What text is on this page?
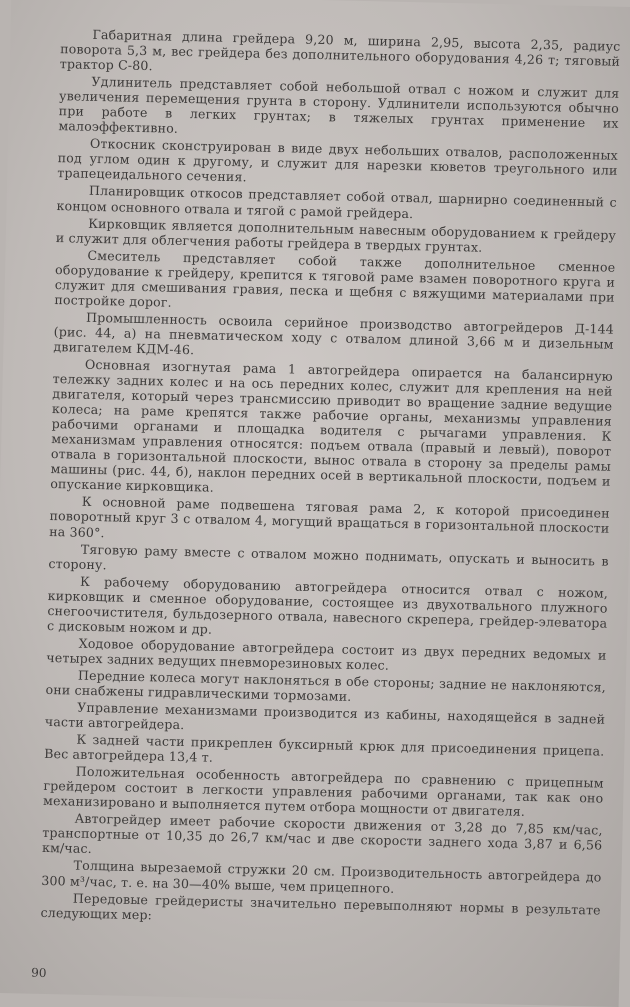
Габаритная длина грейдера 9,20 м, ширина 2,95, высота 2,35, радиус поворота 5,3 м, вес грейдера без дополнительного оборудования 4,26 т; тяговый трактор С-80.

Удлинитель представляет собой небольшой отвал с ножом и служит для увеличения перемещения грунта в сторону. Удлинители используются обычно при работе в легких грунтах; в тяжелых грунтах применение их малоэффективно.

Откосник сконструирован в виде двух небольших отвалов, расположенных под углом один к другому, и служит для нарезки кюветов треугольного или трапецеидального сечения.

Планировщик откосов представляет собой отвал, шарнирно соединенный с концом основного отвала и тягой с рамой грейдера.

Кирковщик является дополнительным навесным оборудованием к грейдеру и служит для облегчения работы грейдера в твердых грунтах.

Смеситель представляет собой также дополнительное сменное оборудование к грейдеру, крепится к тяговой раме взамен поворотного круга и служит для смешивания гравия, песка и щебня с вяжущими материалами при постройке дорог.

Промышленность освоила серийное производство автогрейдеров Д-144 (рис. 44, а) на пневматическом ходу с отвалом длиной 3,66 м и дизельным двигателем КДМ-46.

Основная изогнутая рама 1 автогрейдера опирается на балансирную тележку задних колес и на ось передних колес, служит для крепления на ней двигателя, который через трансмиссию приводит во вращение задние ведущие колеса; на раме крепятся также рабочие органы, механизмы управления рабочими органами и площадка водителя с рычагами управления. К механизмам управления относятся: подъем отвала (правый и левый), поворот отвала в горизонтальной плоскости, вынос отвала в сторону за пределы рамы машины (рис. 44, б), наклон передних осей в вертикальной плоскости, подъем и опускание кирковщика.

К основной раме подвешена тяговая рама 2, к которой присоединен поворотный круг 3 с отвалом 4, могущий вращаться в горизонтальной плоскости на 360°.

Тяговую раму вместе с отвалом можно поднимать, опускать и выносить в сторону.

К рабочему оборудованию автогрейдера относится отвал с ножом, кирковщик и сменное оборудование, состоящее из двухотвального плужного снегоочистителя, бульдозерного отвала, навесного скрепера, грейдер-элеватора с дисковым ножом и др.

Ходовое оборудование автогрейдера состоит из двух передних ведомых и четырех задних ведущих пневморезиновых колес.

Передние колеса могут наклоняться в обе стороны; задние не наклоняются, они снабжены гидравлическими тормозами.

Управление механизмами производится из кабины, находящейся в задней части автогрейдера.

К задней части прикреплен буксирный крюк для присоединения прицепа. Вес автогрейдера 13,4 т.

Положительная особенность автогрейдера по сравнению с прицепным грейдером состоит в легкости управления рабочими органами, так как оно механизировано и выполняется путем отбора мощности от двигателя.

Автогрейдер имеет рабочие скорости движения от 3,28 до 7,85 км/час, транспортные от 10,35 до 26,7 км/час и две скорости заднего хода 3,87 и 6,56 км/час.

Толщина вырезаемой стружки 20 см. Производительность автогрейдера до 300 м³/час, т. е. на 30—40% выше, чем прицепного.

Передовые грейдеристы значительно перевыполняют нормы в результате следующих мер:

90
